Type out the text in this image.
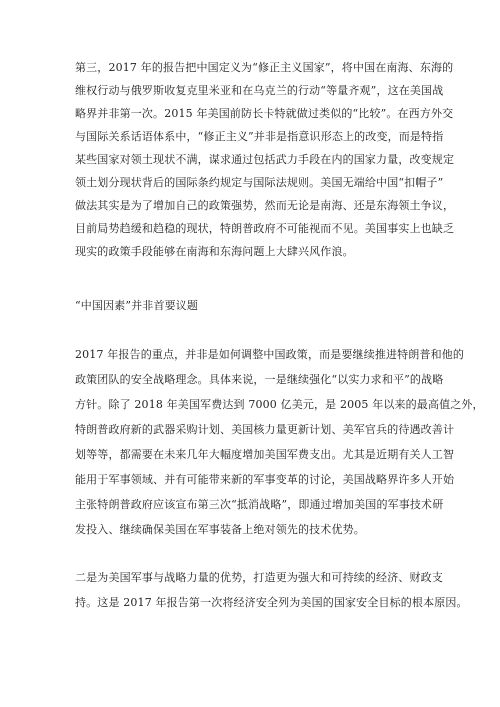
第三，2017 年的报告把中国定义为“修正主义国家”，将中国在南海、东海的
维权行动与俄罗斯收复克里米亚和在乌克兰的行动“等量齐观”，这在美国战
略界并非第一次。2015 年美国前防长卡特就做过类似的“比较”。在西方外交
与国际关系话语体系中，“修正主义”并非是指意识形态上的改变，而是特指
某些国家对领土现状不满，谋求通过包括武力手段在内的国家力量，改变规定
领土划分现状背后的国际条约规定与国际法规则。美国无端给中国“扣帽子”
做法其实是为了增加自己的政策强势，然而无论是南海、还是东海领土争议，
目前局势趋缓和趋稳的现状，特朗普政府不可能视而不见。美国事实上也缺乏
现实的政策手段能够在南海和东海问题上大肆兴风作浪。
“中国因素”并非首要议题
2017 年报告的重点，并非是如何调整中国政策，而是要继续推进特朗普和他的
政策团队的安全战略理念。具体来说，一是继续强化“以实力求和平”的战略
方针。除了 2018 年美国军费达到 7000 亿美元，是 2005 年以来的最高值之外，
特朗普政府新的武器采购计划、美国核力量更新计划、美军官兵的待遇改善计
划等等，都需要在未来几年大幅度增加美国军费支出。尤其是近期有关人工智
能用于军事领域、并有可能带来新的军事变革的讨论，美国战略界许多人开始
主张特朗普政府应该宣布第三次“抵消战略”，即通过增加美国的军事技术研
发投入、继续确保美国在军事装备上绝对领先的技术优势。
二是为美国军事与战略力量的优势，打造更为强大和可持续的经济、财政支
持。这是 2017 年报告第一次将经济安全列为美国的国家安全目标的根本原因。
